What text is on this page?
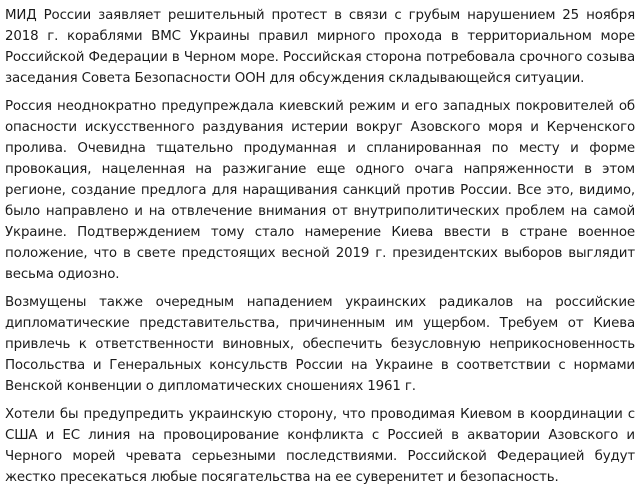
МИД России заявляет решительный протест в связи с грубым нарушением 25 ноября 2018 г. кораблями ВМС Украины правил мирного прохода в территориальном море Российской Федерации в Черном море. Российская сторона потребовала срочного созыва заседания Совета Безопасности ООН для обсуждения складывающейся ситуации.

Россия неоднократно предупреждала киевский режим и его западных покровителей об опасности искусственного раздувания истерии вокруг Азовского моря и Керченского пролива. Очевидна тщательно продуманная и спланированная по месту и форме провокация, нацеленная на разжигание еще одного очага напряженности в этом регионе, создание предлога для наращивания санкций против России. Все это, видимо, было направлено и на отвлечение внимания от внутриполитических проблем на самой Украине. Подтверждением тому стало намерение Киева ввести в стране военное положение, что в свете предстоящих весной 2019 г. президентских выборов выглядит весьма одиозно.

Возмущены также очередным нападением украинских радикалов на российские дипломатические представительства, причиненным им ущербом. Требуем от Киева привлечь к ответственности виновных, обеспечить безусловную неприкосновенность Посольства и Генеральных консульств России на Украине в соответствии с нормами Венской конвенции о дипломатических сношениях 1961 г.

Хотели бы предупредить украинскую сторону, что проводимая Киевом в координации с США и ЕС линия на провоцирование конфликта с Россией в акватории Азовского и Черного морей чревата серьезными последствиями. Российской Федерацией будут жестко пресекаться любые посягательства на ее суверенитет и безопасность.
